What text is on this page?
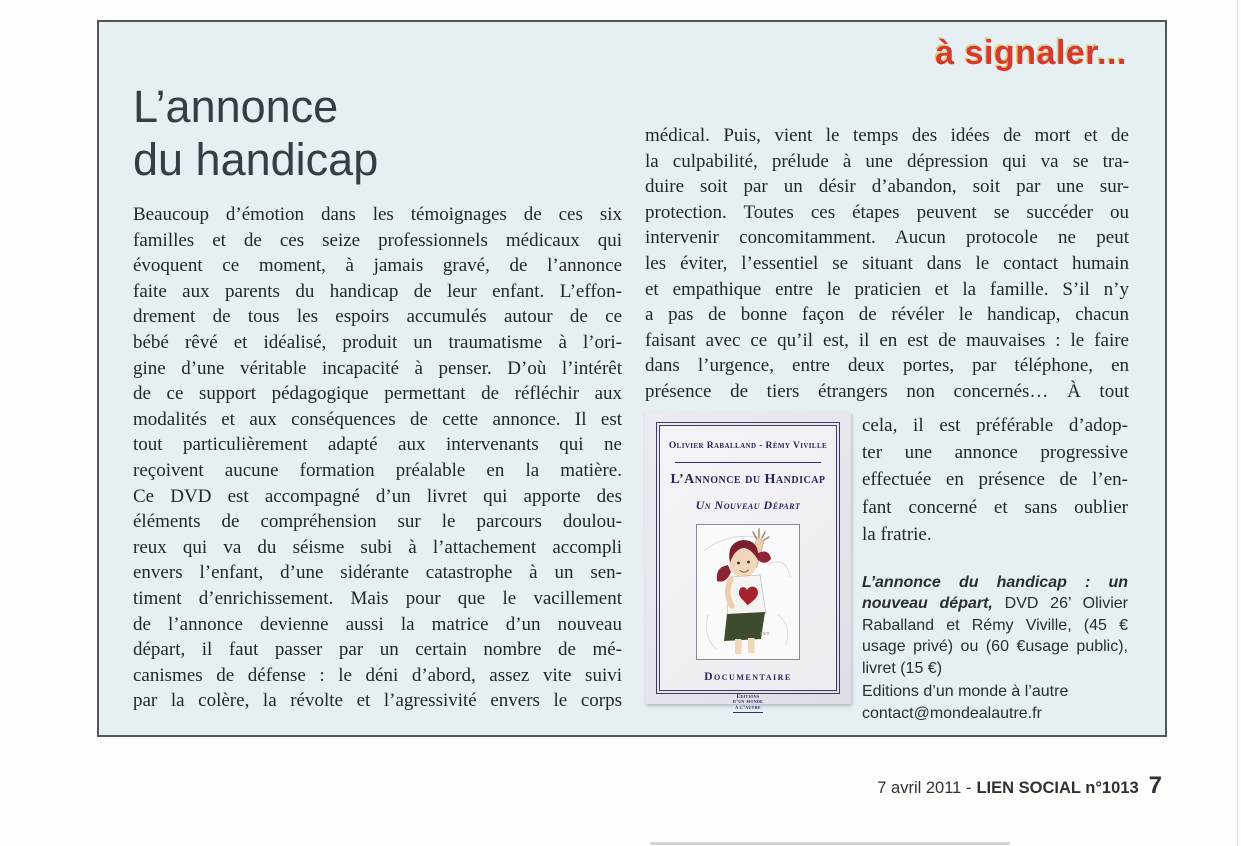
à signaler...
L’annonce
du handicap
Beaucoup d’émotion dans les témoignages de ces six
familles et de ces seize professionnels médicaux qui
évoquent ce moment, à jamais gravé, de l’annonce
faite aux parents du handicap de leur enfant. L’effon-
drement de tous les espoirs accumulés autour de ce
bébé rêvé et idéalisé, produit un traumatisme à l’ori-
gine d’une véritable incapacité à penser. D’où l’intérêt
de ce support pédagogique permettant de réfléchir aux
modalités et aux conséquences de cette annonce. Il est
tout particulièrement adapté aux intervenants qui ne
reçoivent aucune formation préalable en la matière.
Ce DVD est accompagné d’un livret qui apporte des
éléments de compréhension sur le parcours doulou-
reux qui va du séisme subi à l’attachement accompli
envers l’enfant, d’une sidérante catastrophe à un sen-
timent d’enrichissement. Mais pour que le vacillement
de l’annonce devienne aussi la matrice d’un nouveau
départ, il faut passer par un certain nombre de mé-
canismes de défense : le déni d’abord, assez vite suivi
par la colère, la révolte et l’agressivité envers le corps
médical. Puis, vient le temps des idées de mort et de
la culpabilité, prélude à une dépression qui va se tra-
duire soit par un désir d’abandon, soit par une sur-
protection. Toutes ces étapes peuvent se succéder ou
intervenir concomitamment. Aucun protocole ne peut
les éviter, l’essentiel se situant dans le contact humain
et empathique entre le praticien et la famille. S’il n’y
a pas de bonne façon de révéler le handicap, chacun
faisant avec ce qu’il est, il en est de mauvaises : le faire
dans l’urgence, entre deux portes, par téléphone, en
présence de tiers étrangers non concernés… À tout
Olivier Raballand - Rémy Viville
L’Annonce du Handicap
Un Nouveau Départ
sam
Documentaire
Éditions
d’un monde
à l’autre
cela, il est préférable d’adop-
ter une annonce progressive
effectuée en présence de l’en-
fant concerné et sans oublier
la fratrie.

L’annonce du handicap : un nouveau départ, DVD 26’ Olivier Raballand et Rémy Viville, (45 € usage privé) ou (60 €usage public), livret (15 €)

Editions d’un monde à l’autre
contact@mondealautre.fr
7 avril 2011 - LIEN SOCIAL n°1013 7
